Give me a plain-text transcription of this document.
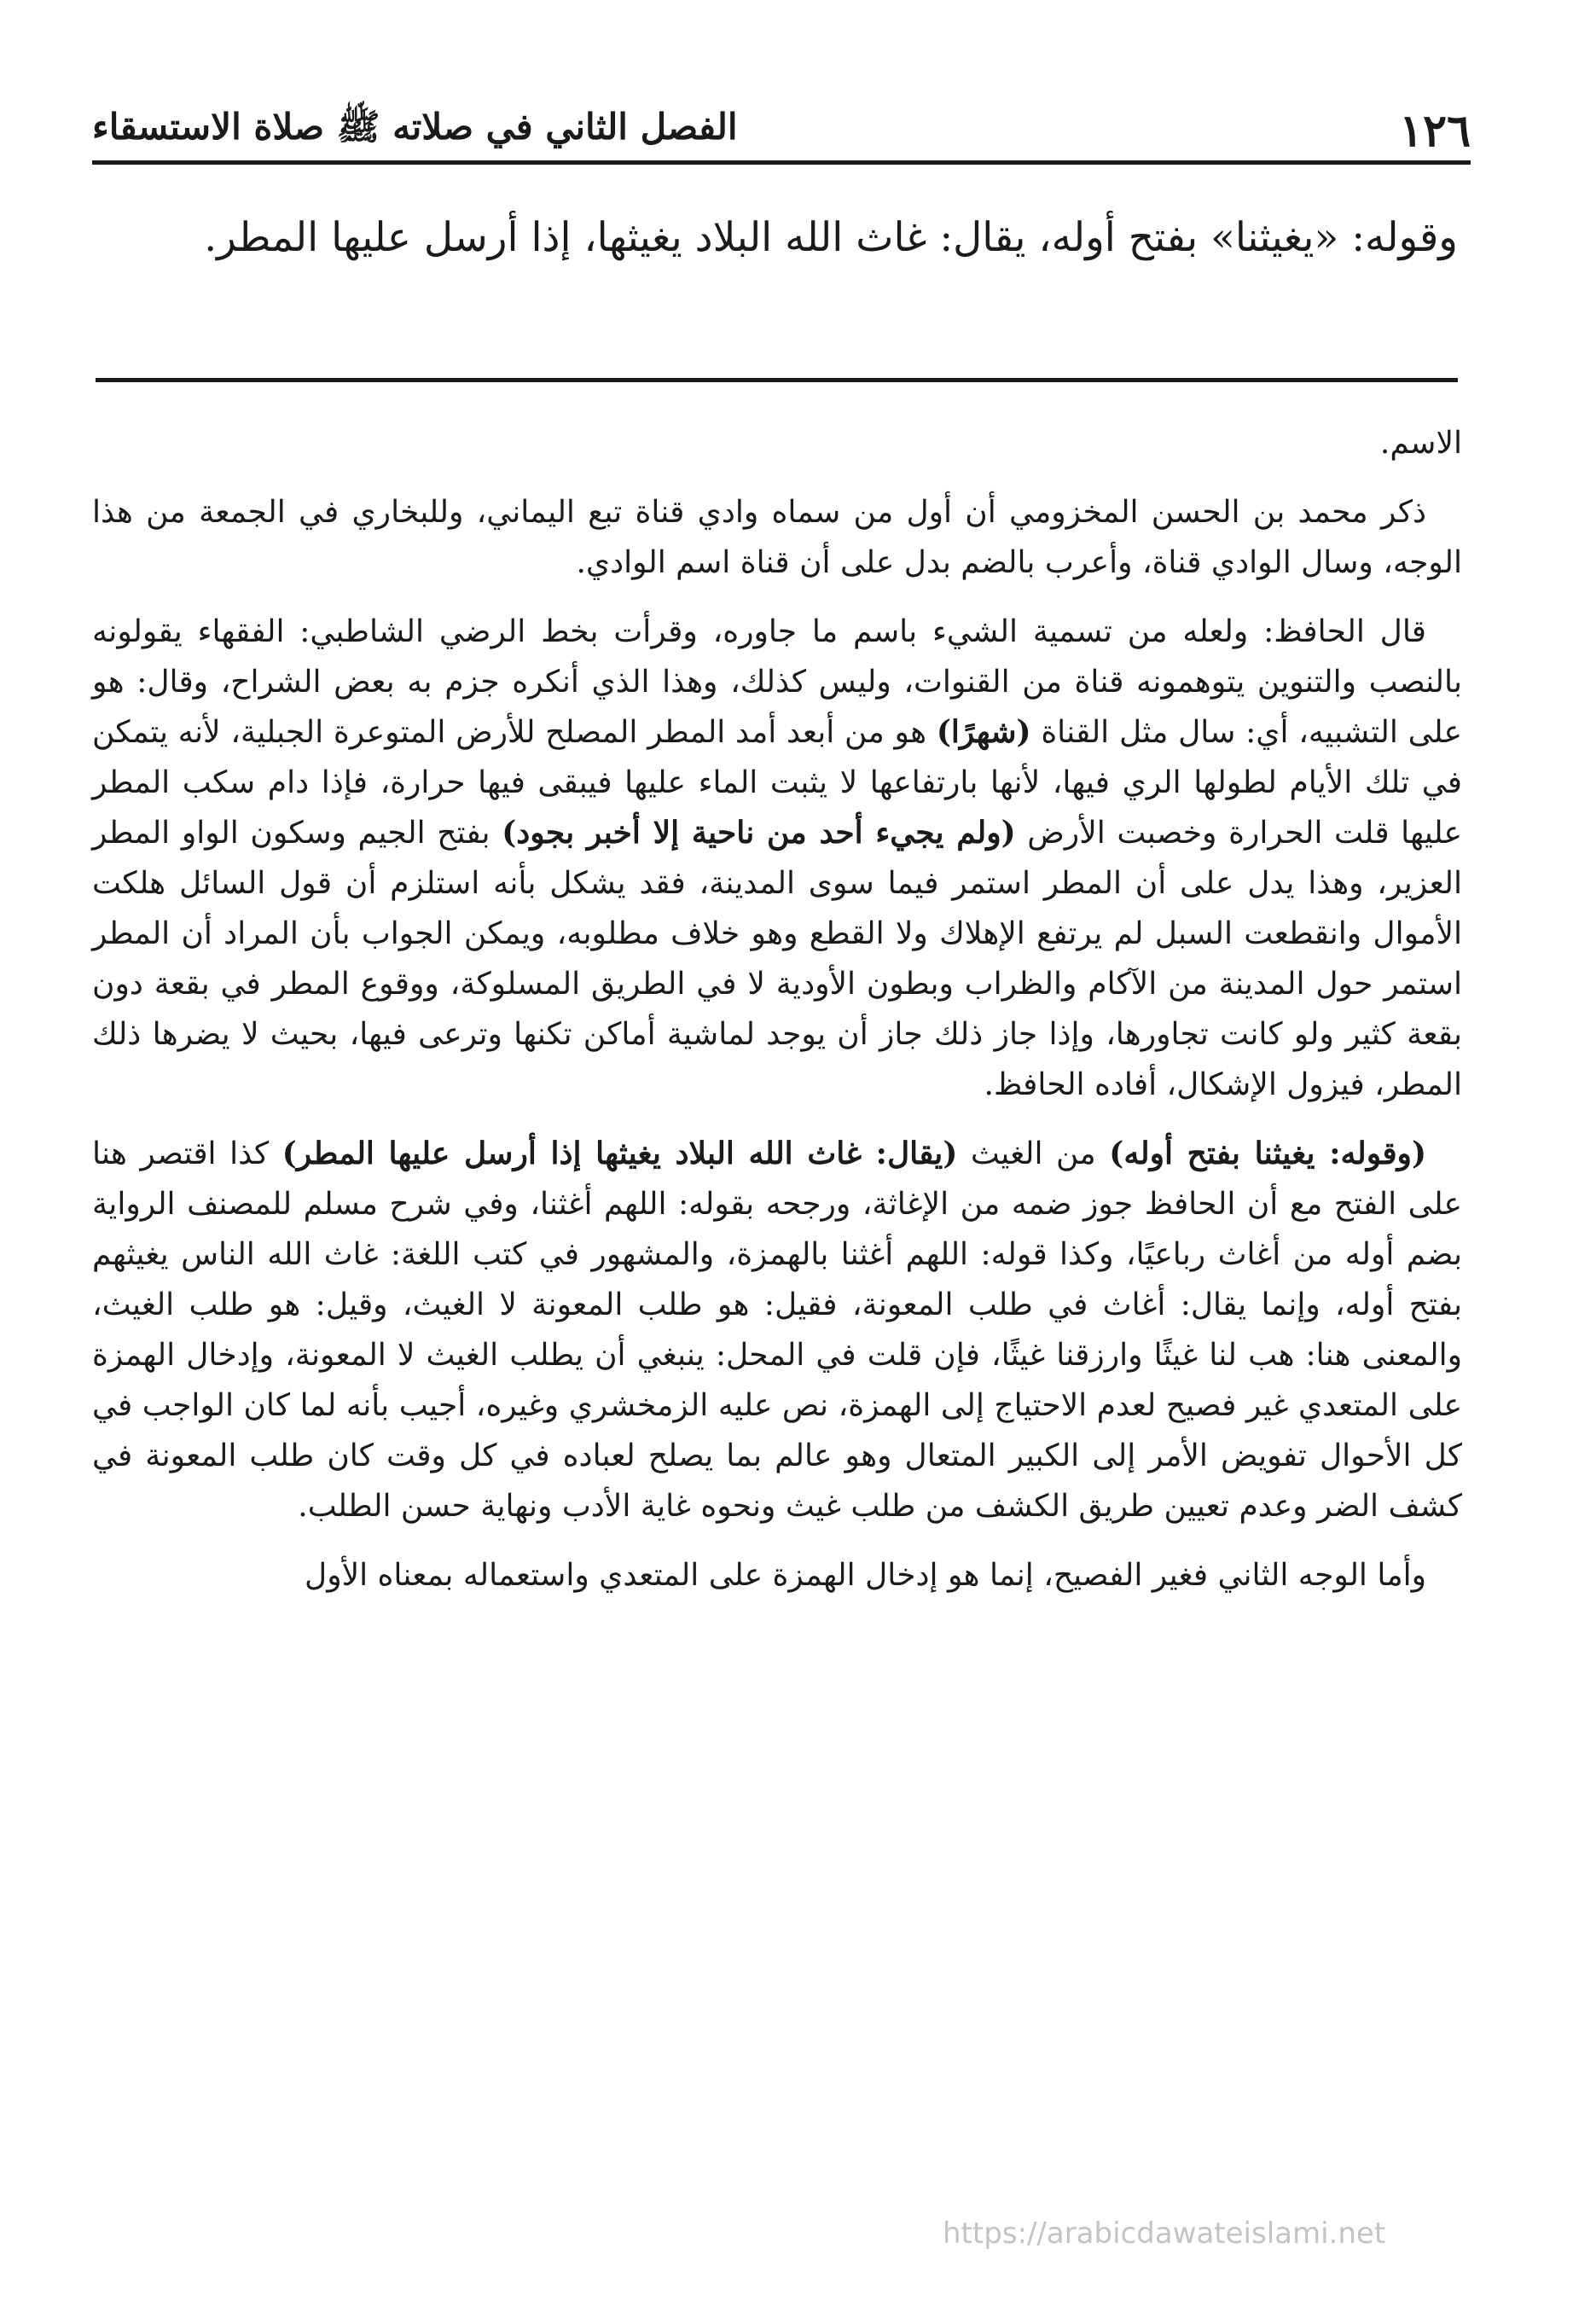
١٢٦
الفصل الثاني في صلاته ﷺ صلاة الاستسقاء
وقوله: «يغيثنا» بفتح أوله، يقال: غاث الله البلاد يغيثها، إذا أرسل عليها المطر.

الاسم.

ذكر محمد بن الحسن المخزومي أن أول من سماه وادي قناة تبع اليماني، وللبخاري في الجمعة من هذا الوجه، وسال الوادي قناة، وأعرب بالضم بدل على أن قناة اسم الوادي.

قال الحافظ: ولعله من تسمية الشيء باسم ما جاوره، وقرأت بخط الرضي الشاطبي: الفقهاء يقولونه بالنصب والتنوين يتوهمونه قناة من القنوات، وليس كذلك، وهذا الذي أنكره جزم به بعض الشراح، وقال: هو على التشبيه، أي: سال مثل القناة (شهرًا) هو من أبعد أمد المطر المصلح للأرض المتوعرة الجبلية، لأنه يتمكن في تلك الأيام لطولها الري فيها، لأنها بارتفاعها لا يثبت الماء عليها فيبقى فيها حرارة، فإذا دام سكب المطر عليها قلت الحرارة وخصبت الأرض (ولم يجيء أحد من ناحية إلا أخبر بجود) بفتح الجيم وسكون الواو المطر العزير، وهذا يدل على أن المطر استمر فيما سوى المدينة، فقد يشكل بأنه استلزم أن قول السائل هلكت الأموال وانقطعت السبل لم يرتفع الإهلاك ولا القطع وهو خلاف مطلوبه، ويمكن الجواب بأن المراد أن المطر استمر حول المدينة من الآكام والظراب وبطون الأودية لا في الطريق المسلوكة، ووقوع المطر في بقعة دون بقعة كثير ولو كانت تجاورها، وإذا جاز ذلك جاز أن يوجد لماشية أماكن تكنها وترعى فيها، بحيث لا يضرها ذلك المطر، فيزول الإشكال، أفاده الحافظ.

(وقوله: يغيثنا بفتح أوله) من الغيث (يقال: غاث الله البلاد يغيثها إذا أرسل عليها المطر) كذا اقتصر هنا على الفتح مع أن الحافظ جوز ضمه من الإغاثة، ورجحه بقوله: اللهم أغثنا، وفي شرح مسلم للمصنف الرواية بضم أوله من أغاث رباعيًا، وكذا قوله: اللهم أغثنا بالهمزة، والمشهور في كتب اللغة: غاث الله الناس يغيثهم بفتح أوله، وإنما يقال: أغاث في طلب المعونة، فقيل: هو طلب المعونة لا الغيث، وقيل: هو طلب الغيث، والمعنى هنا: هب لنا غيثًا وارزقنا غيثًا، فإن قلت في المحل: ينبغي أن يطلب الغيث لا المعونة، وإدخال الهمزة على المتعدي غير فصيح لعدم الاحتياج إلى الهمزة، نص عليه الزمخشري وغيره، أجيب بأنه لما كان الواجب في كل الأحوال تفويض الأمر إلى الكبير المتعال وهو عالم بما يصلح لعباده في كل وقت كان طلب المعونة في كشف الضر وعدم تعيين طريق الكشف من طلب غيث ونحوه غاية الأدب ونهاية حسن الطلب.

وأما الوجه الثاني فغير الفصيح، إنما هو إدخال الهمزة على المتعدي واستعماله بمعناه الأول

https://arabicdawateislami.net
